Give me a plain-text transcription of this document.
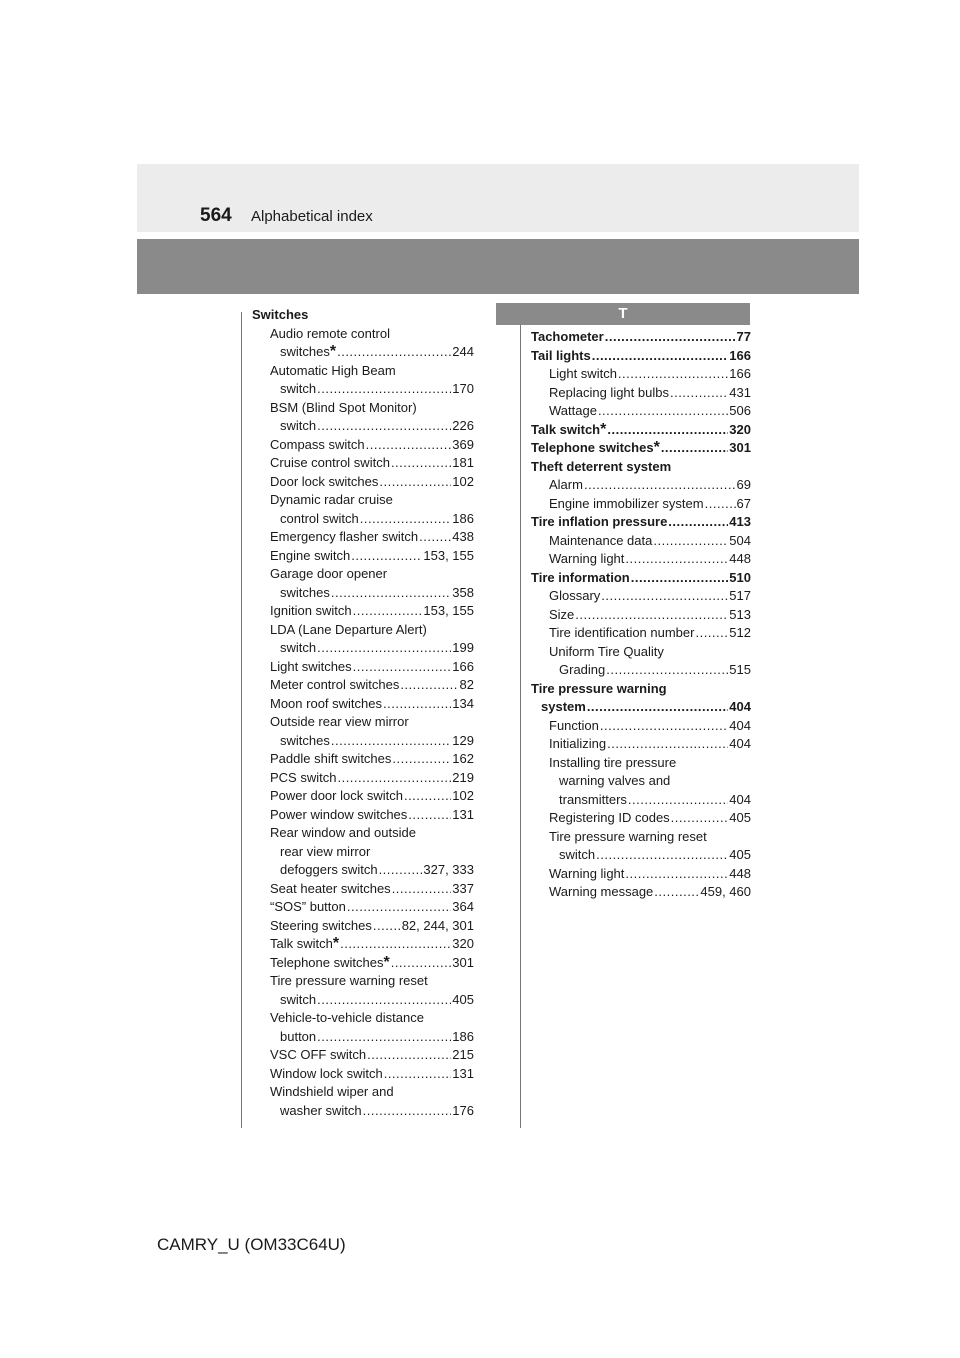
564 Alphabetical index
Switches
Audio remote control
switches * .....	244
Automatic High Beam
switch .....	170
BSM (Blind Spot Monitor)
switch .....	226
Compass switch .....	369
Cruise control switch .....	181
Door lock switches .....	102
Dynamic radar cruise
control switch .....	186
Emergency flasher switch .....	438
Engine switch .....	153, 155
Garage door opener
switches .....	358
Ignition switch .....	153, 155
LDA (Lane Departure Alert)
switch .....	199
Light switches .....	166
Meter control switches .....	82
Moon roof switches .....	134
Outside rear view mirror
switches .....	129
Paddle shift switches .....	162
PCS switch .....	219
Power door lock switch .....	102
Power window switches .....	131
Rear window and outside
rear view mirror
defoggers switch .....	327, 333
Seat heater switches .....	337
“SOS” button .....	364
Steering switches ..... 82, 244, 301
Talk switch * .....	320
Telephone switches * .....	301
Tire pressure warning reset
switch .....	405
Vehicle-to-vehicle distance
button .....	186
VSC OFF switch .....	215
Window lock switch .....	131
Windshield wiper and
washer switch .....	176
T
Tachometer .....	77
Tail lights .....	166
Light switch .....	166
Replacing light bulbs .....	431
Wattage .....	506
Talk switch * .....	320
Telephone switches * .....	301
Theft deterrent system
Alarm .....	69
Engine immobilizer system .....	67
Tire inflation pressure .....	413
Maintenance data .....	504
Warning light .....	448
Tire information .....	510
Glossary .....	517
Size .....	513
Tire identification number .....	512
Uniform Tire Quality
Grading .....	515
Tire pressure warning
system .....	404
Function .....	404
Initializing .....	404
Installing tire pressure
warning valves and
transmitters .....	404
Registering ID codes .....	405
Tire pressure warning reset
switch .....	405
Warning light .....	448
Warning message .....	459, 460
CAMRY_U (OM33C64U)
